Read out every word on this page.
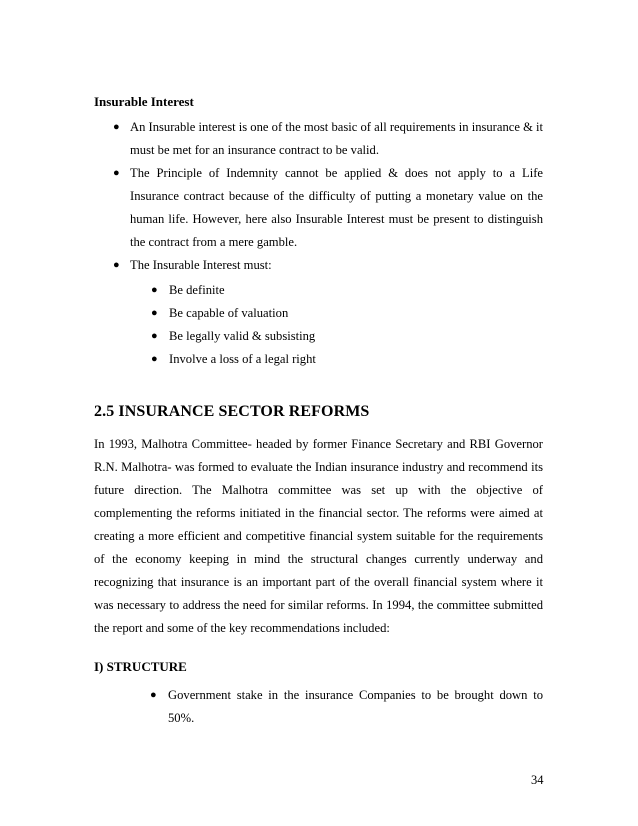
Insurable Interest
● An Insurable interest is one of the most basic of all requirements in insurance & it
must be met for an insurance contract to be valid.
● The Principle of Indemnity cannot be applied & does not apply to a Life
Insurance contract because of the difficulty of putting a monetary value on the
human life. However, here also Insurable Interest must be present to distinguish
the contract from a mere gamble.
● The Insurable Interest must:
● Be definite
● Be capable of valuation
● Be legally valid & subsisting
● Involve a loss of a legal right
2.5 INSURANCE SECTOR REFORMS
In 1993, Malhotra Committee- headed by former Finance Secretary and RBI Governor
R.N. Malhotra- was formed to evaluate the Indian insurance industry and recommend its
future direction. The Malhotra committee was set up with the objective of
complementing the reforms initiated in the financial sector. The reforms were aimed at
creating a more efficient and competitive financial system suitable for the requirements
of the economy keeping in mind the structural changes currently underway and
recognizing that insurance is an important part of the overall financial system where it
was necessary to address the need for similar reforms. In 1994, the committee submitted
the report and some of the key recommendations included:
I) STRUCTURE
● Government stake in the insurance Companies to be brought down to
50%.
34
